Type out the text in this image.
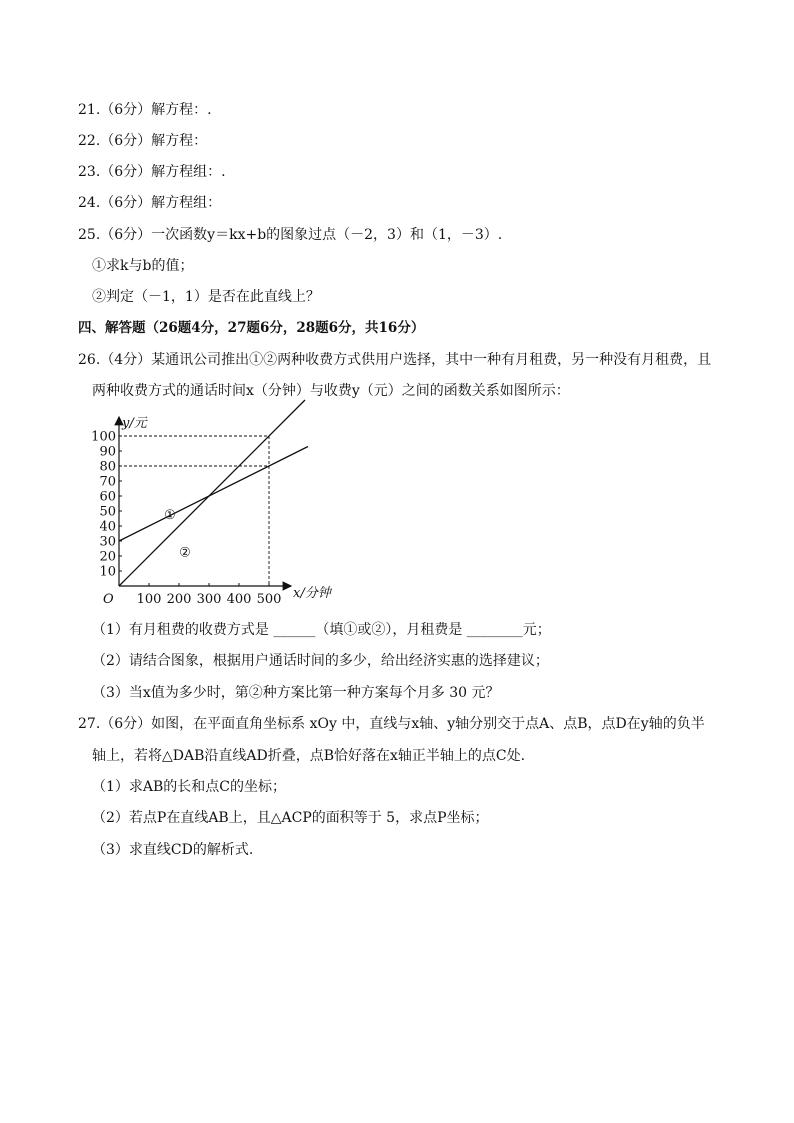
21.（6分）解方程：.
22.（6分）解方程：
23.（6分）解方程组：.
24.（6分）解方程组：
25.（6分）一次函数y＝kx+b的图象过点（－2，3）和（1，－3）.
①求k与b的值；
②判定（－1，1）是否在此直线上？
四、解答题（26题4分，27题6分，28题6分，共16分）
26.（4分）某通讯公司推出①②两种收费方式供用户选择，其中一种有月租费，另一种没有月租费，且
两种收费方式的通话时间x（分钟）与收费y（元）之间的函数关系如图所示：
10
20
30
40
50
60
70
80
90
100
100 200 300 400 500
①
②
O
y/元
x/分钟
（1）有月租费的收费方式是 ______（填①或②），月租费是 ________元；
（2）请结合图象，根据用户通话时间的多少，给出经济实惠的选择建议；
（3）当x值为多少时，第②种方案比第一种方案每个月多 30 元？
27.（6分）如图，在平面直角坐标系 xOy 中，直线与x轴、y轴分别交于点A、点B，点D在y轴的负半
轴上，若将△DAB沿直线AD折叠，点B恰好落在x轴正半轴上的点C处.
（1）求AB的长和点C的坐标；
（2）若点P在直线AB上，且△ACP的面积等于 5，求点P坐标；
（3）求直线CD的解析式.
